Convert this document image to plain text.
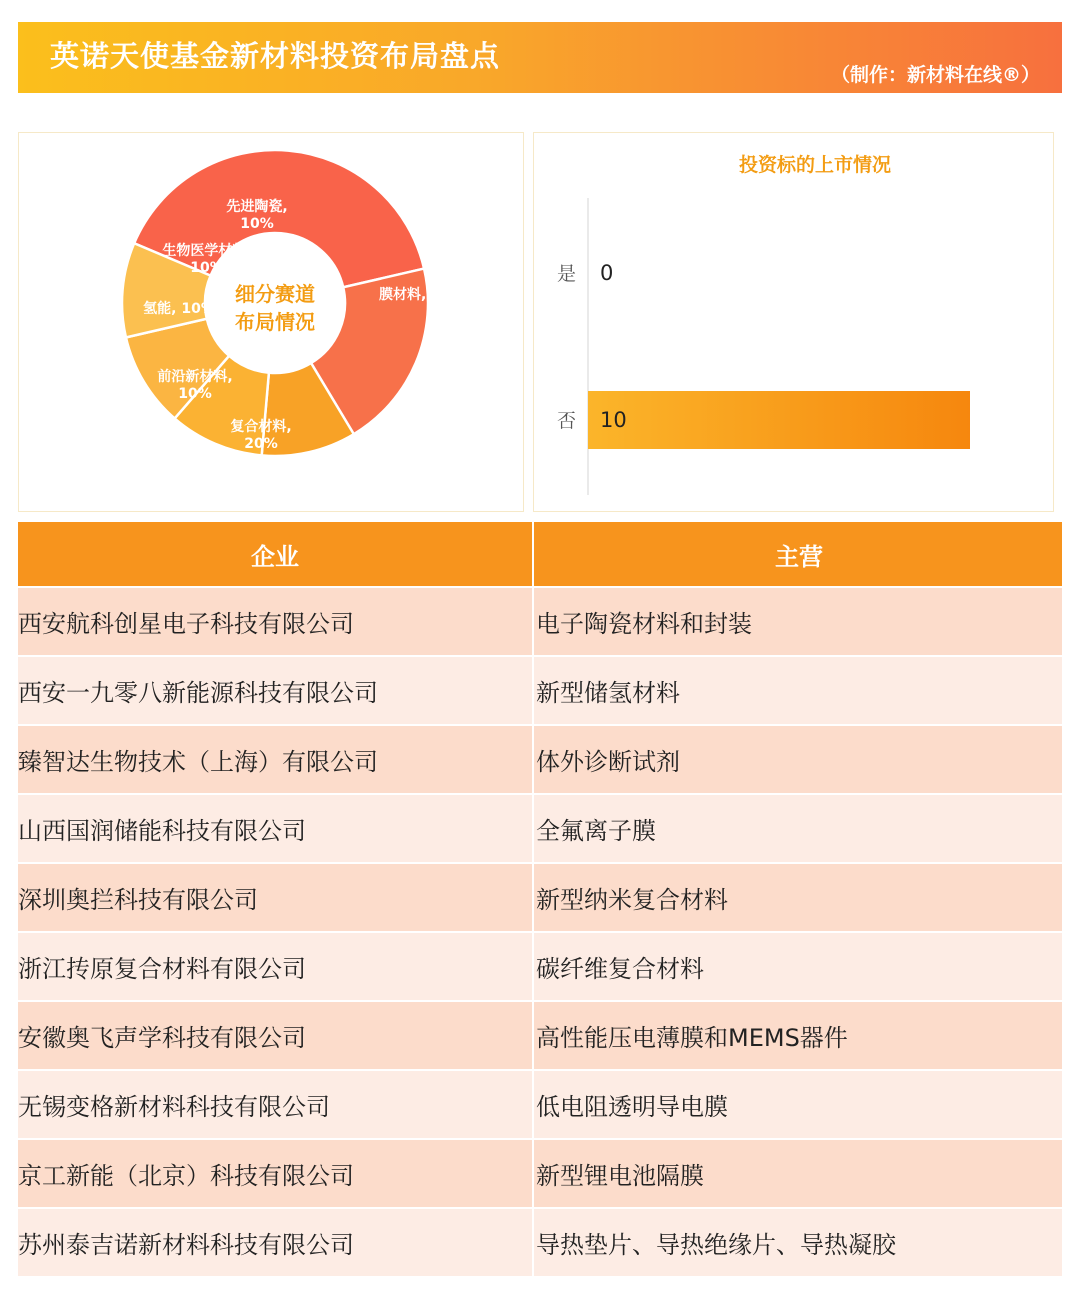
英诺天使基金新材料投资布局盘点
（制作：新材料在线®）
膜材料, 40%
复合材料, 20%
前沿新材料, 10%
氢能, 10%
生物医学材料, 10%
先进陶瓷, 10%
细分赛道
布局情况
投资标的上市情况
是 0
否 10
企业	主营
西安航科创星电子科技有限公司	电子陶瓷材料和封装
西安一九零八新能源科技有限公司	新型储氢材料
臻智达生物技术（上海）有限公司	体外诊断试剂
山西国润储能科技有限公司	全氟离子膜
深圳奥拦科技有限公司	新型纳米复合材料
浙江抟原复合材料有限公司	碳纤维复合材料
安徽奥飞声学科技有限公司	高性能压电薄膜和MEMS器件
无锡变格新材料科技有限公司	低电阻透明导电膜
京工新能（北京）科技有限公司	新型锂电池隔膜
苏州泰吉诺新材料科技有限公司	导热垫片、导热绝缘片、导热凝胶
